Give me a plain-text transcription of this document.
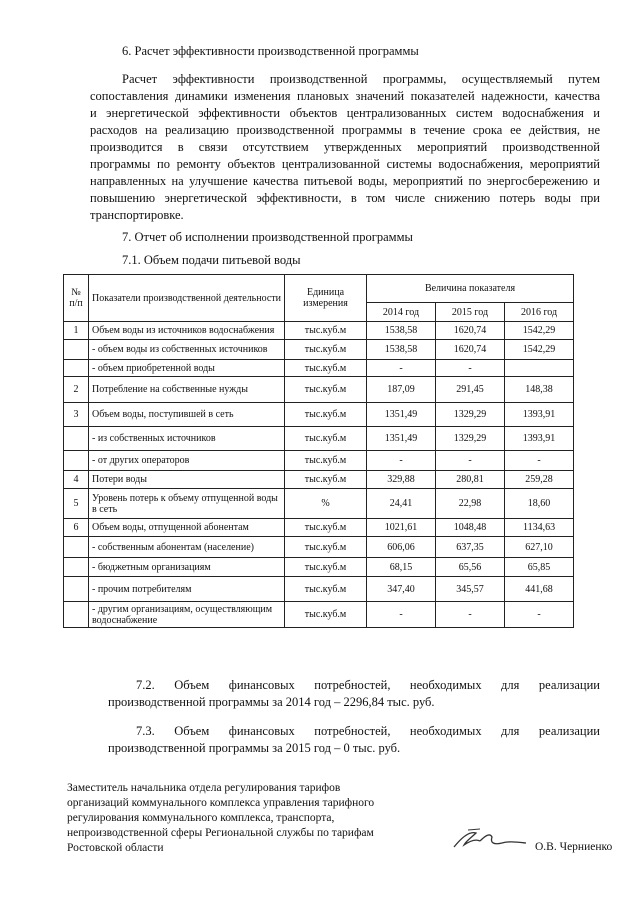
6. Расчет эффективности производственной программы
Расчет эффективности производственной программы, осуществляемый путем
сопоставления динамики изменения плановых значений показателей надежности, качества
и энергетической эффективности объектов централизованных систем водоснабжения и
расходов на реализацию производственной программы в течение срока ее действия, не
производится в связи отсутствием утвержденных мероприятий производственной
программы по ремонту объектов централизованной системы водоснабжения, мероприятий
направленных на улучшение качества питьевой воды, мероприятий по энергосбережению и
повышению энергетической эффективности, в том числе снижению потерь воды при
транспортировке.
7. Отчет об исполнении производственной программы
7.1. Объем подачи питьевой воды
№ п/п	Показатели производственной деятельности	Единица измерения	Величина показателя		
			2014 год	2015 год	2016 год
1	Объем воды из источников водоснабжения	тыс.куб.м	1538,58	1620,74	1542,29
	- объем воды из собственных источников	тыс.куб.м	1538,58	1620,74	1542,29
	- объем приобретенной воды	тыс.куб.м	-	-	
2	Потребление на собственные нужды	тыс.куб.м	187,09	291,45	148,38
3	Объем воды, поступившей в сеть	тыс.куб.м	1351,49	1329,29	1393,91
	- из собственных источников	тыс.куб.м	1351,49	1329,29	1393,91
	- от других операторов	тыс.куб.м	-	-	-
4	Потери воды	тыс.куб.м	329,88	280,81	259,28
5	Уровень потерь к объему отпущенной воды в сеть	%	24,41	22,98	18,60
6	Объем воды, отпущенной абонентам	тыс.куб.м	1021,61	1048,48	1134,63
	- собственным абонентам (население)	тыс.куб.м	606,06	637,35	627,10
	- бюджетным организациям	тыс.куб.м	68,15	65,56	65,85
	- прочим потребителям	тыс.куб.м	347,40	345,57	441,68
	- другим организациям, осуществляющим водоснабжение	тыс.куб.м	-	-	-
7.2. Объем финансовых потребностей, необходимых для реализации
производственной программы за 2014 год – 2296,84 тыс. руб.
7.3. Объем финансовых потребностей, необходимых для реализации
производственной программы за 2015 год – 0 тыс. руб.
Заместитель начальника отдела регулирования тарифов
организаций коммунального комплекса управления тарифного
регулирования коммунального комплекса, транспорта,
непроизводственной сферы Региональной службы по тарифам
Ростовской области	О.В. Черниенко
